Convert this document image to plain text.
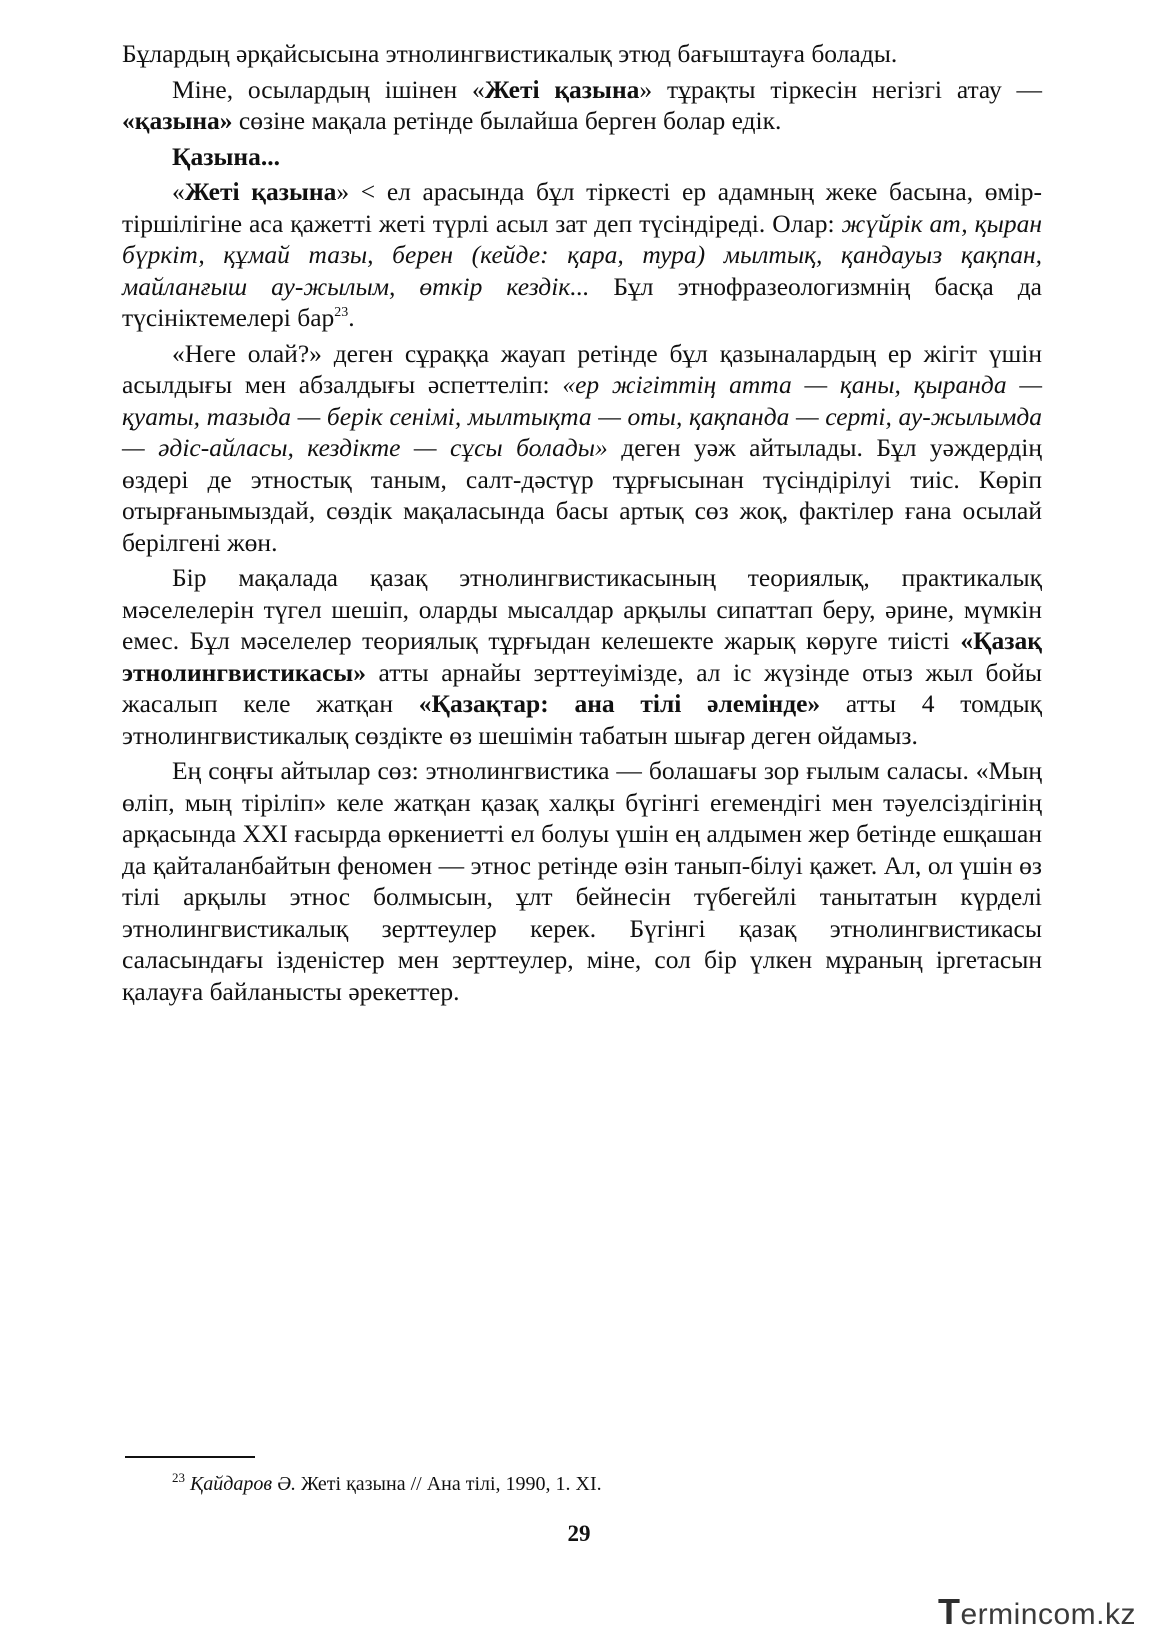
Бұлардың әрқайсысына этнолингвистикалық этюд бағыштауға болады.

Міне, осылардың ішінен «Жеті қазына» тұрақты тіркесін негізгі атау — «қазына» сөзіне мақала ретінде былайша берген болар едік.

Қазына...

«Жеті қазына» < ел арасында бұл тіркесті ер адамның жеке басына, өмір-тіршілігіне аса қажетті жеті түрлі асыл зат деп түсіндіреді. Олар: жүйрік ат, қыран бүркіт, құмай тазы, берен (кейде: қара, тура) мылтық, қандауыз қақпан, майланғыш ау-жылым, өткір кездік... Бұл этнофразеологизмнің басқа да түсініктемелері бар$^{23}$.

«Неге олай?» деген сұраққа жауап ретінде бұл қазыналардың ер жігіт үшін асылдығы мен абзалдығы әспеттеліп: «ер жігіттің атта — қаны, қыранда — қуаты, тазыда — берік сенімі, мылтықта — оты, қақпанда — серті, ау-жылымда — әдіс-айласы, кездікте — сұсы болады» деген уәж айтылады. Бұл уәждердің өздері де этностық таным, салт-дәстүр тұрғысынан түсіндірілуі тиіс. Көріп отырғанымыздай, сөздік мақаласында басы артық сөз жоқ, фактілер ғана осылай берілгені жөн.

Бір мақалада қазақ этнолингвистикасының теориялық, практикалық мәселелерін түгел шешіп, оларды мысалдар арқылы сипаттап беру, әрине, мүмкін емес. Бұл мәселелер теориялық тұрғыдан келешекте жарық көруге тиісті «Қазақ этнолингвистикасы» атты арнайы зерттеуімізде, ал іс жүзінде отыз жыл бойы жасалып келе жатқан «Қазақтар: ана тілі әлемінде» атты 4 томдық этнолингвистикалық сөздікте өз шешімін табатын шығар деген ойдамыз.

Ең соңғы айтылар сөз: этнолингвистика — болашағы зор ғылым саласы. «Мың өліп, мың тіріліп» келе жатқан қазақ халқы бүгінгі егемендігі мен тәуелсіздігінің арқасында XXI ғасырда өркениетті ел болуы үшін ең алдымен жер бетінде ешқашан да қайталанбайтын феномен — этнос ретінде өзін танып-білуі қажет. Ал, ол үшін өз тілі арқылы этнос болмысын, ұлт бейнесін түбегейлі танытатын күрделі этнолингвистикалық зерттеулер керек. Бүгінгі қазақ этнолингвистикасы саласындағы ізденістер мен зерттеулер, міне, сол бір үлкен мұраның іргетасын қалауға байланысты әрекеттер.

$^{23}$ Қайдаров Ә. Жеті қазына // Ана тілі, 1990, 1. XI.
29
Termincom.kz
